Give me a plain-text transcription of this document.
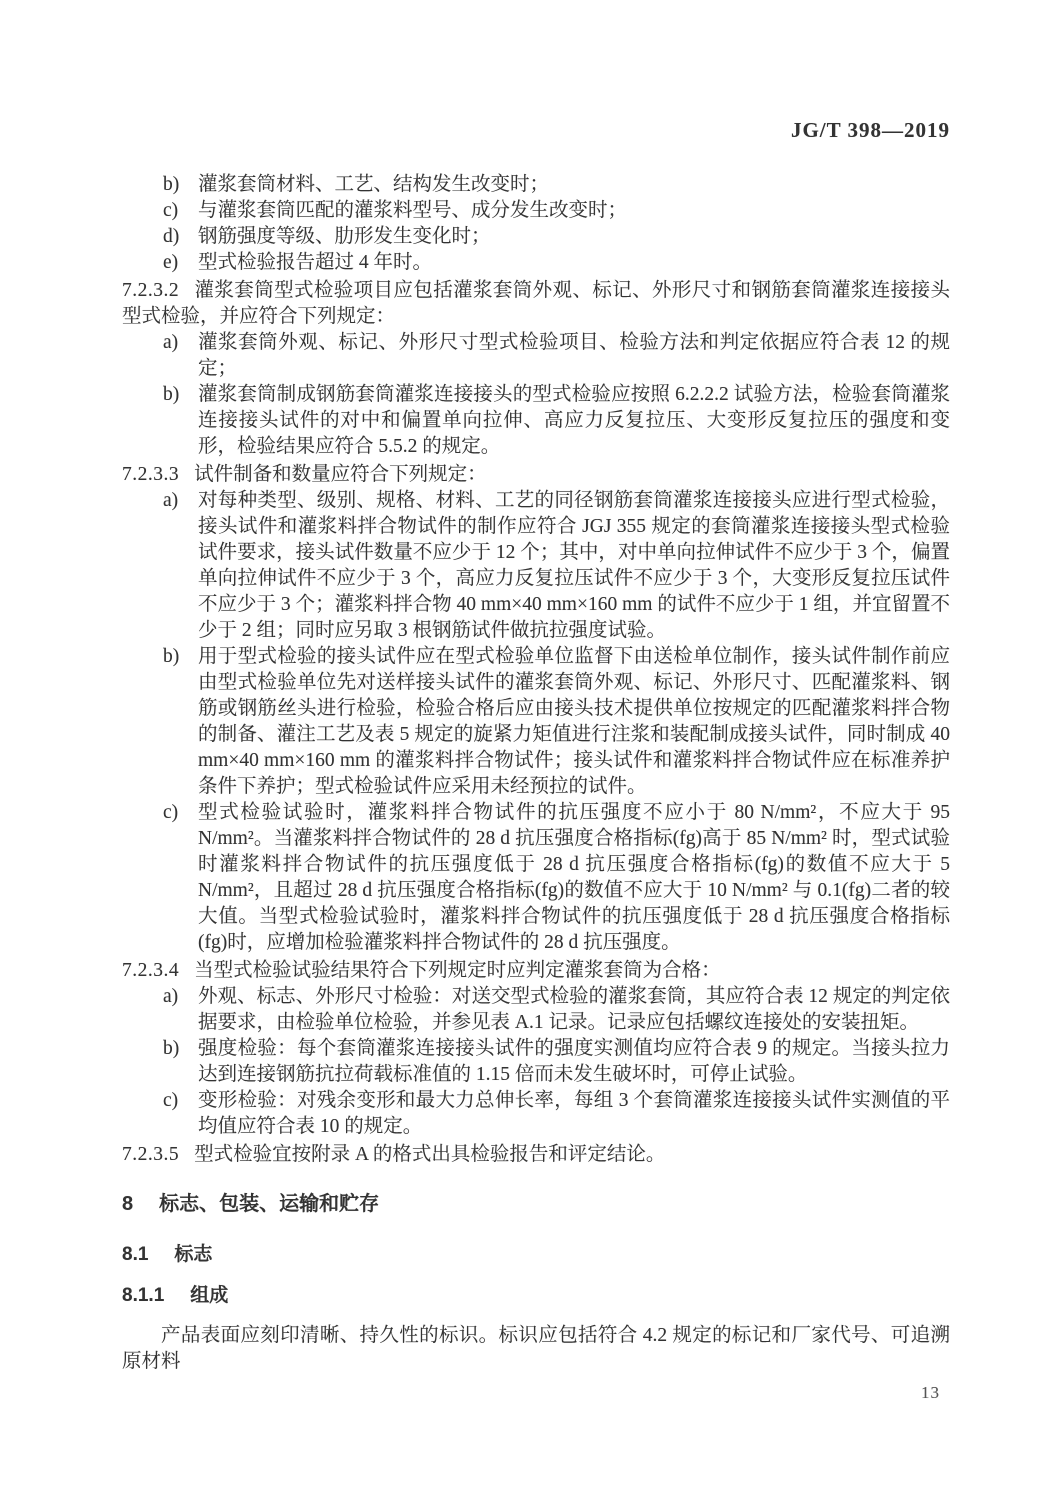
JG/T 398—2019
b) 灌浆套筒材料、工艺、结构发生改变时；
c)	与灌浆套筒匹配的灌浆料型号、成分发生改变时；
d) 钢筋强度等级、肋形发生变化时；
e)	型式检验报告超过 4 年时。

7.2.3.2 灌浆套筒型式检验项目应包括灌浆套筒外观、标记、外形尺寸和钢筋套筒灌浆连接接头型式检验，并应符合下列规定：

a)	灌浆套筒外观、标记、外形尺寸型式检验项目、检验方法和判定依据应符合表 12 的规定；
b) 灌浆套筒制成钢筋套筒灌浆连接接头的型式检验应按照 6.2.2.2 试验方法，检验套筒灌浆连接接头试件的对中和偏置单向拉伸、高应力反复拉压、大变形反复拉压的强度和变形，检验结果应符合 5.5.2 的规定。

7.2.3.3 试件制备和数量应符合下列规定：

a)	对每种类型、级别、规格、材料、工艺的同径钢筋套筒灌浆连接接头应进行型式检验，接头试件和灌浆料拌合物试件的制作应符合 JGJ 355 规定的套筒灌浆连接接头型式检验试件要求，接头试件数量不应少于 12 个；其中，对中单向拉伸试件不应少于 3 个，偏置单向拉伸试件不应少于 3 个，高应力反复拉压试件不应少于 3 个，大变形反复拉压试件不应少于 3 个；灌浆料拌合物 40 mm×40 mm×160 mm 的试件不应少于 1 组，并宜留置不少于 2 组；同时应另取 3 根钢筋试件做抗拉强度试验。
b) 用于型式检验的接头试件应在型式检验单位监督下由送检单位制作，接头试件制作前应由型式检验单位先对送样接头试件的灌浆套筒外观、标记、外形尺寸、匹配灌浆料、钢筋或钢筋丝头进行检验，检验合格后应由接头技术提供单位按规定的匹配灌浆料拌合物的制备、灌注工艺及表 5 规定的旋紧力矩值进行注浆和装配制成接头试件，同时制成 40 mm×40 mm×160 mm 的灌浆料拌合物试件；接头试件和灌浆料拌合物试件应在标准养护条件下养护；型式检验试件应采用未经预拉的试件。
c)	型式检验试验时，灌浆料拌合物试件的抗压强度不应小于 80 N/mm²，不应大于 95 N/mm²。当灌浆料拌合物试件的 28 d 抗压强度合格指标(fg)高于 85 N/mm² 时，型式试验时灌浆料拌合物试件的抗压强度低于 28 d 抗压强度合格指标(fg)的数值不应大于 5 N/mm²，且超过 28 d 抗压强度合格指标(fg)的数值不应大于 10 N/mm² 与 0.1(fg)二者的较大值。当型式检验试验时，灌浆料拌合物试件的抗压强度低于 28 d 抗压强度合格指标(fg)时，应增加检验灌浆料拌合物试件的 28 d 抗压强度。

7.2.3.4 当型式检验试验结果符合下列规定时应判定灌浆套筒为合格：

a)	外观、标志、外形尺寸检验：对送交型式检验的灌浆套筒，其应符合表 12 规定的判定依据要求，由检验单位检验，并参见表 A.1 记录。记录应包括螺纹连接处的安装扭矩。
b) 强度检验：每个套筒灌浆连接接头试件的强度实测值均应符合表 9 的规定。当接头拉力达到连接钢筋抗拉荷载标准值的 1.15 倍而未发生破坏时，可停止试验。
c)	变形检验：对残余变形和最大力总伸长率，每组 3 个套筒灌浆连接接头试件实测值的平均值应符合表 10 的规定。

7.2.3.5 型式检验宜按附录 A 的格式出具检验报告和评定结论。

8 标志、包装、运输和贮存

8.1 标志

8.1.1 组成

产品表面应刻印清晰、持久性的标识。标识应包括符合 4.2 规定的标记和厂家代号、可追溯原材料

13
